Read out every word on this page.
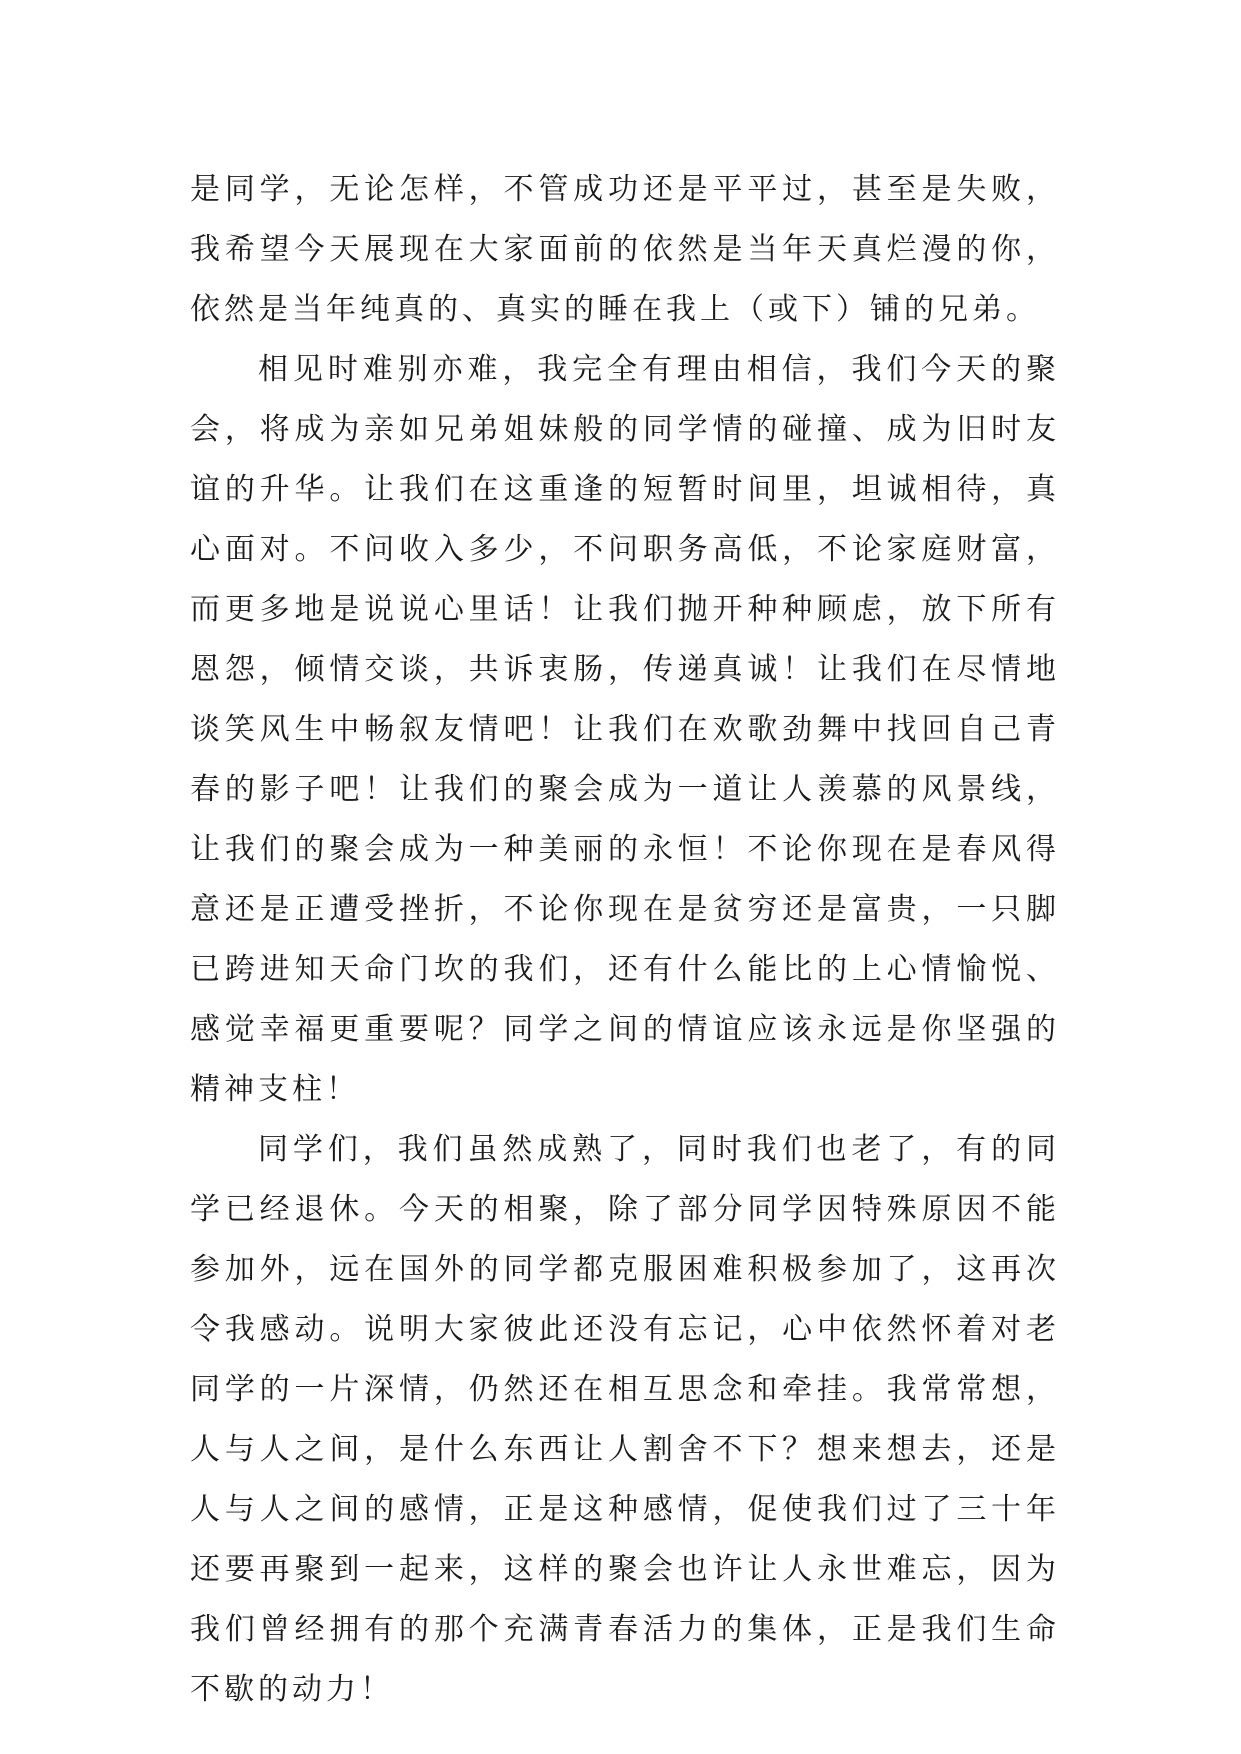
是同学，无论怎样，不管成功还是平平过，甚至是失败，我希望今天展现在大家面前的依然是当年天真烂漫的你，依然是当年纯真的、真实的睡在我上（或下）铺的兄弟。

相见时难别亦难，我完全有理由相信，我们今天的聚会，将成为亲如兄弟姐妹般的同学情的碰撞、成为旧时友谊的升华。让我们在这重逢的短暂时间里，坦诚相待，真心面对。不问收入多少，不问职务高低，不论家庭财富，而更多地是说说心里话！让我们抛开种种顾虑，放下所有恩怨，倾情交谈，共诉衷肠，传递真诚！让我们在尽情地谈笑风生中畅叙友情吧！让我们在欢歌劲舞中找回自己青春的影子吧！让我们的聚会成为一道让人羡慕的风景线，让我们的聚会成为一种美丽的永恒！不论你现在是春风得意还是正遭受挫折，不论你现在是贫穷还是富贵，一只脚已跨进知天命门坎的我们，还有什么能比的上心情愉悦、感觉幸福更重要呢？同学之间的情谊应该永远是你坚强的精神支柱！

同学们，我们虽然成熟了，同时我们也老了，有的同学已经退休。今天的相聚，除了部分同学因特殊原因不能参加外，远在国外的同学都克服困难积极参加了，这再次令我感动。说明大家彼此还没有忘记，心中依然怀着对老同学的一片深情，仍然还在相互思念和牵挂。我常常想，人与人之间，是什么东西让人割舍不下？想来想去，还是人与人之间的感情，正是这种感情，促使我们过了三十年还要再聚到一起来，这样的聚会也许让人永世难忘，因为我们曾经拥有的那个充满青春活力的集体，正是我们生命不歇的动力！
